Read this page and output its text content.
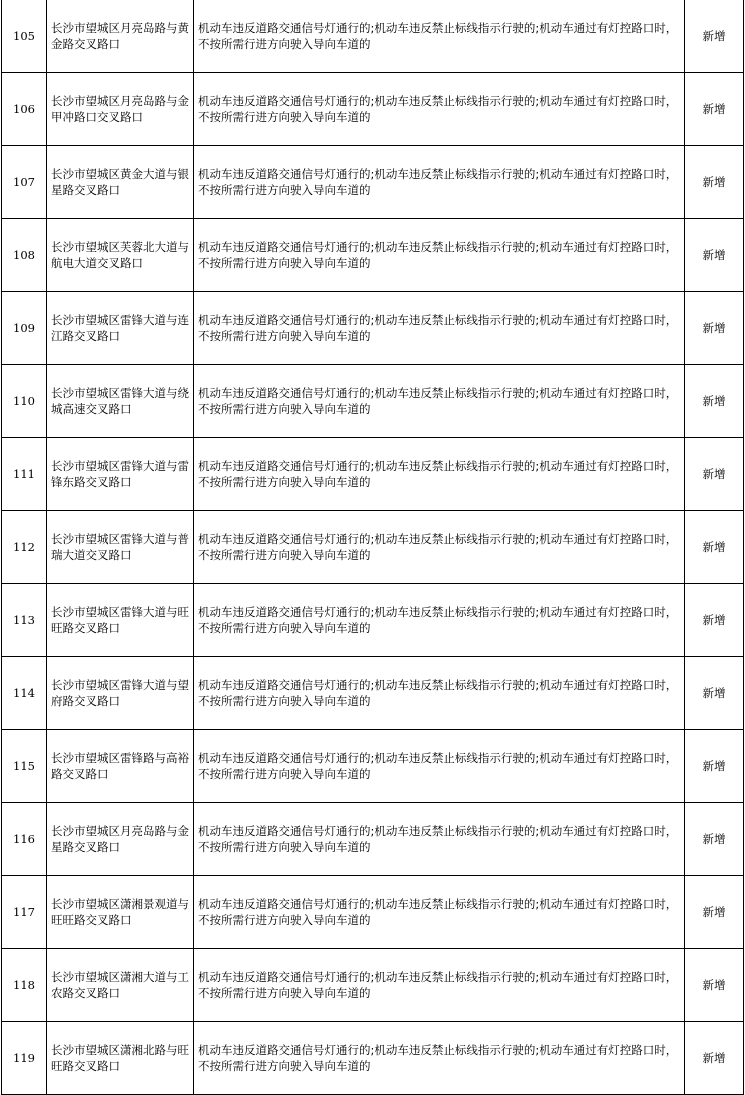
105	长沙市望城区月亮岛路与黄金路交叉路口	机动车违反道路交通信号灯通行的;机动车违反禁止标线指示行驶的;机动车通过有灯控路口时，不按所需行进方向驶入导向车道的	新增
106	长沙市望城区月亮岛路与金甲冲路口交叉路口	机动车违反道路交通信号灯通行的;机动车违反禁止标线指示行驶的;机动车通过有灯控路口时，不按所需行进方向驶入导向车道的	新增
107	长沙市望城区黄金大道与银星路交叉路口	机动车违反道路交通信号灯通行的;机动车违反禁止标线指示行驶的;机动车通过有灯控路口时，不按所需行进方向驶入导向车道的	新增
108	长沙市望城区芙蓉北大道与航电大道交叉路口	机动车违反道路交通信号灯通行的;机动车违反禁止标线指示行驶的;机动车通过有灯控路口时，不按所需行进方向驶入导向车道的	新增
109	长沙市望城区雷锋大道与连江路交叉路口	机动车违反道路交通信号灯通行的;机动车违反禁止标线指示行驶的;机动车通过有灯控路口时，不按所需行进方向驶入导向车道的	新增
110	长沙市望城区雷锋大道与绕城高速交叉路口	机动车违反道路交通信号灯通行的;机动车违反禁止标线指示行驶的;机动车通过有灯控路口时，不按所需行进方向驶入导向车道的	新增
111	长沙市望城区雷锋大道与雷锋东路交叉路口	机动车违反道路交通信号灯通行的;机动车违反禁止标线指示行驶的;机动车通过有灯控路口时，不按所需行进方向驶入导向车道的	新增
112	长沙市望城区雷锋大道与普瑞大道交叉路口	机动车违反道路交通信号灯通行的;机动车违反禁止标线指示行驶的;机动车通过有灯控路口时，不按所需行进方向驶入导向车道的	新增
113	长沙市望城区雷锋大道与旺旺路交叉路口	机动车违反道路交通信号灯通行的;机动车违反禁止标线指示行驶的;机动车通过有灯控路口时，不按所需行进方向驶入导向车道的	新增
114	长沙市望城区雷锋大道与望府路交叉路口	机动车违反道路交通信号灯通行的;机动车违反禁止标线指示行驶的;机动车通过有灯控路口时，不按所需行进方向驶入导向车道的	新增
115	长沙市望城区雷锋路与高裕路交叉路口	机动车违反道路交通信号灯通行的;机动车违反禁止标线指示行驶的;机动车通过有灯控路口时，不按所需行进方向驶入导向车道的	新增
116	长沙市望城区月亮岛路与金星路交叉路口	机动车违反道路交通信号灯通行的;机动车违反禁止标线指示行驶的;机动车通过有灯控路口时，不按所需行进方向驶入导向车道的	新增
117	长沙市望城区潇湘景观道与旺旺路交叉路口	机动车违反道路交通信号灯通行的;机动车违反禁止标线指示行驶的;机动车通过有灯控路口时，不按所需行进方向驶入导向车道的	新增
118	长沙市望城区潇湘大道与工农路交叉路口	机动车违反道路交通信号灯通行的;机动车违反禁止标线指示行驶的;机动车通过有灯控路口时，不按所需行进方向驶入导向车道的	新增
119	长沙市望城区潇湘北路与旺旺路交叉路口	机动车违反道路交通信号灯通行的;机动车违反禁止标线指示行驶的;机动车通过有灯控路口时，不按所需行进方向驶入导向车道的	新增
